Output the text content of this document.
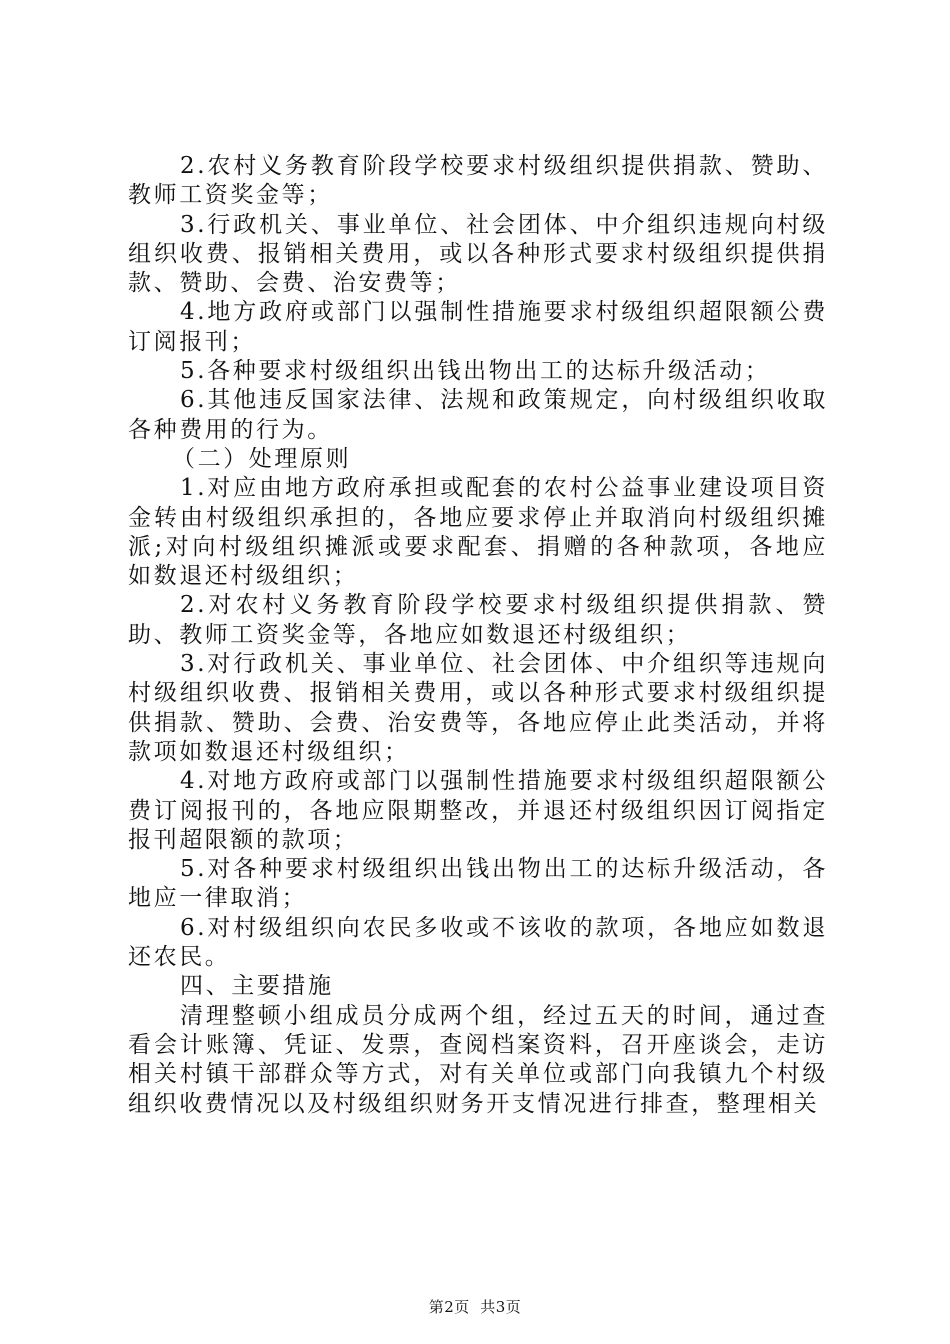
2.农村义务教育阶段学校要求村级组织提供捐款、赞助、教师工资奖金等；

3.行政机关、事业单位、社会团体、中介组织违规向村级组织收费、报销相关费用，或以各种形式要求村级组织提供捐款、赞助、会费、治安费等；

4.地方政府或部门以强制性措施要求村级组织超限额公费订阅报刊；

5.各种要求村级组织出钱出物出工的达标升级活动；

6.其他违反国家法律、法规和政策规定，向村级组织收取各种费用的行为。

（二）处理原则

1.对应由地方政府承担或配套的农村公益事业建设项目资金转由村级组织承担的，各地应要求停止并取消向村级组织摊派;对向村级组织摊派或要求配套、捐赠的各种款项，各地应如数退还村级组织；

2.对农村义务教育阶段学校要求村级组织提供捐款、赞助、教师工资奖金等，各地应如数退还村级组织；

3.对行政机关、事业单位、社会团体、中介组织等违规向村级组织收费、报销相关费用，或以各种形式要求村级组织提供捐款、赞助、会费、治安费等，各地应停止此类活动，并将款项如数退还村级组织；

4.对地方政府或部门以强制性措施要求村级组织超限额公费订阅报刊的，各地应限期整改，并退还村级组织因订阅指定报刊超限额的款项；

5.对各种要求村级组织出钱出物出工的达标升级活动，各地应一律取消；

6.对村级组织向农民多收或不该收的款项，各地应如数退还农民。

四、主要措施

清理整顿小组成员分成两个组，经过五天的时间，通过查看会计账簿、凭证、发票，查阅档案资料，召开座谈会，走访相关村镇干部群众等方式，对有关单位或部门向我镇九个村级组织收费情况以及村级组织财务开支情况进行排查，整理相关

第2页  共3页
